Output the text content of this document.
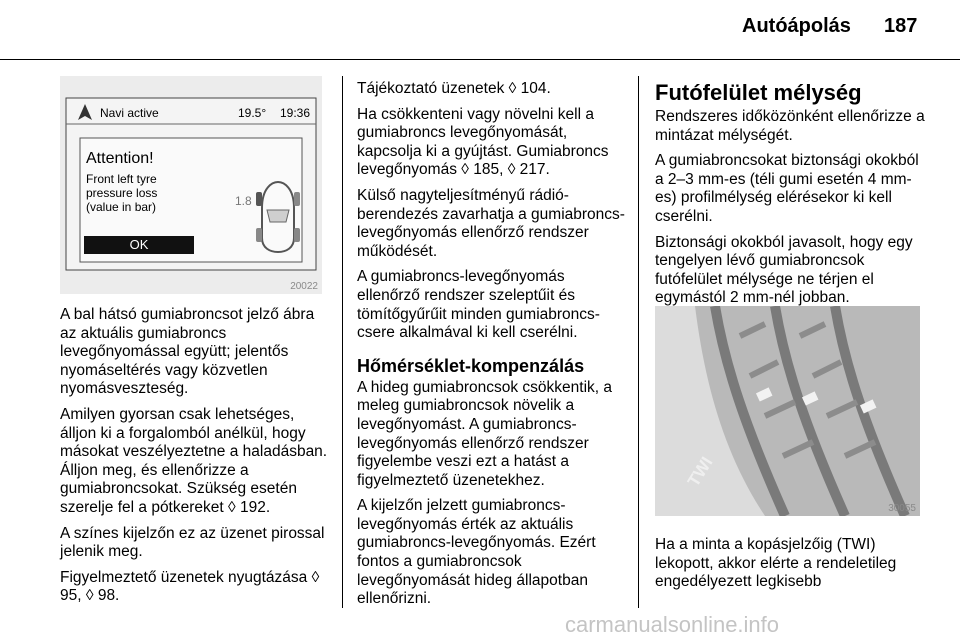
Autóápolás 187
Navi active	19.5° 19:36
Attention!
Front left tyre
pressure loss
(value in bar)	1.8
OK
20022

A bal hátsó gumiabroncsot jelző ábra az aktuális gumiabroncs levegőnyomással együtt; jelentős nyomáseltérés vagy közvetlen nyomásveszteség.

Amilyen gyorsan csak lehetséges, álljon ki a forgalomból anélkül, hogy másokat veszélyeztetne a haladásban. Álljon meg, és ellenőrizze a gumiabroncsokat. Szükség esetén szerelje fel a pótkereket ◊ 192.

A színes kijelzőn ez az üzenet pirossal jelenik meg.

Figyelmeztető üzenetek nyugtázása ◊ 95, ◊ 98.

Tájékoztató üzenetek ◊ 104.

Ha csökkenteni vagy növelni kell a gumiabroncs levegőnyomását, kapcsolja ki a gyújtást. Gumiabroncs levegőnyomás ◊ 185, ◊ 217.

Külső nagyteljesítményű rádió-berendezés zavarhatja a gumiabroncs-levegőnyomás ellenőrző rendszer működését.

A gumiabroncs-levegőnyomás ellenőrző rendszer szeleptűit és tömítőgyűrűit minden gumiabroncs-csere alkalmával ki kell cserélni.

Hőmérséklet-kompenzálás

A hideg gumiabroncsok csökkentik, a meleg gumiabroncsok növelik a levegőnyomást. A gumiabroncs-levegőnyomás ellenőrző rendszer figyelembe veszi ezt a hatást a figyelmeztető üzenetekhez.

A kijelzőn jelzett gumiabroncs-levegőnyomás érték az aktuális gumiabroncs-levegőnyomás. Ezért fontos a gumiabroncsok levegőnyomását hideg állapotban ellenőrizni.

Futófelület mélység

Rendszeres időközönként ellenőrizze a mintázat mélységét.

A gumiabroncsokat biztonsági okokból a 2–3 mm-es (téli gumi esetén 4 mm-es) profilmélység elérésekor ki kell cserélni.

Biztonsági okokból javasolt, hogy egy tengelyen lévő gumiabroncsok futófelület mélysége ne térjen el egymástól 2 mm-nél jobban.

TWI
30055

Ha a minta a kopásjelzőig (TWI) lekopott, akkor elérte a rendeletileg engedélyezett legkisebb

carmanualsonline.info
